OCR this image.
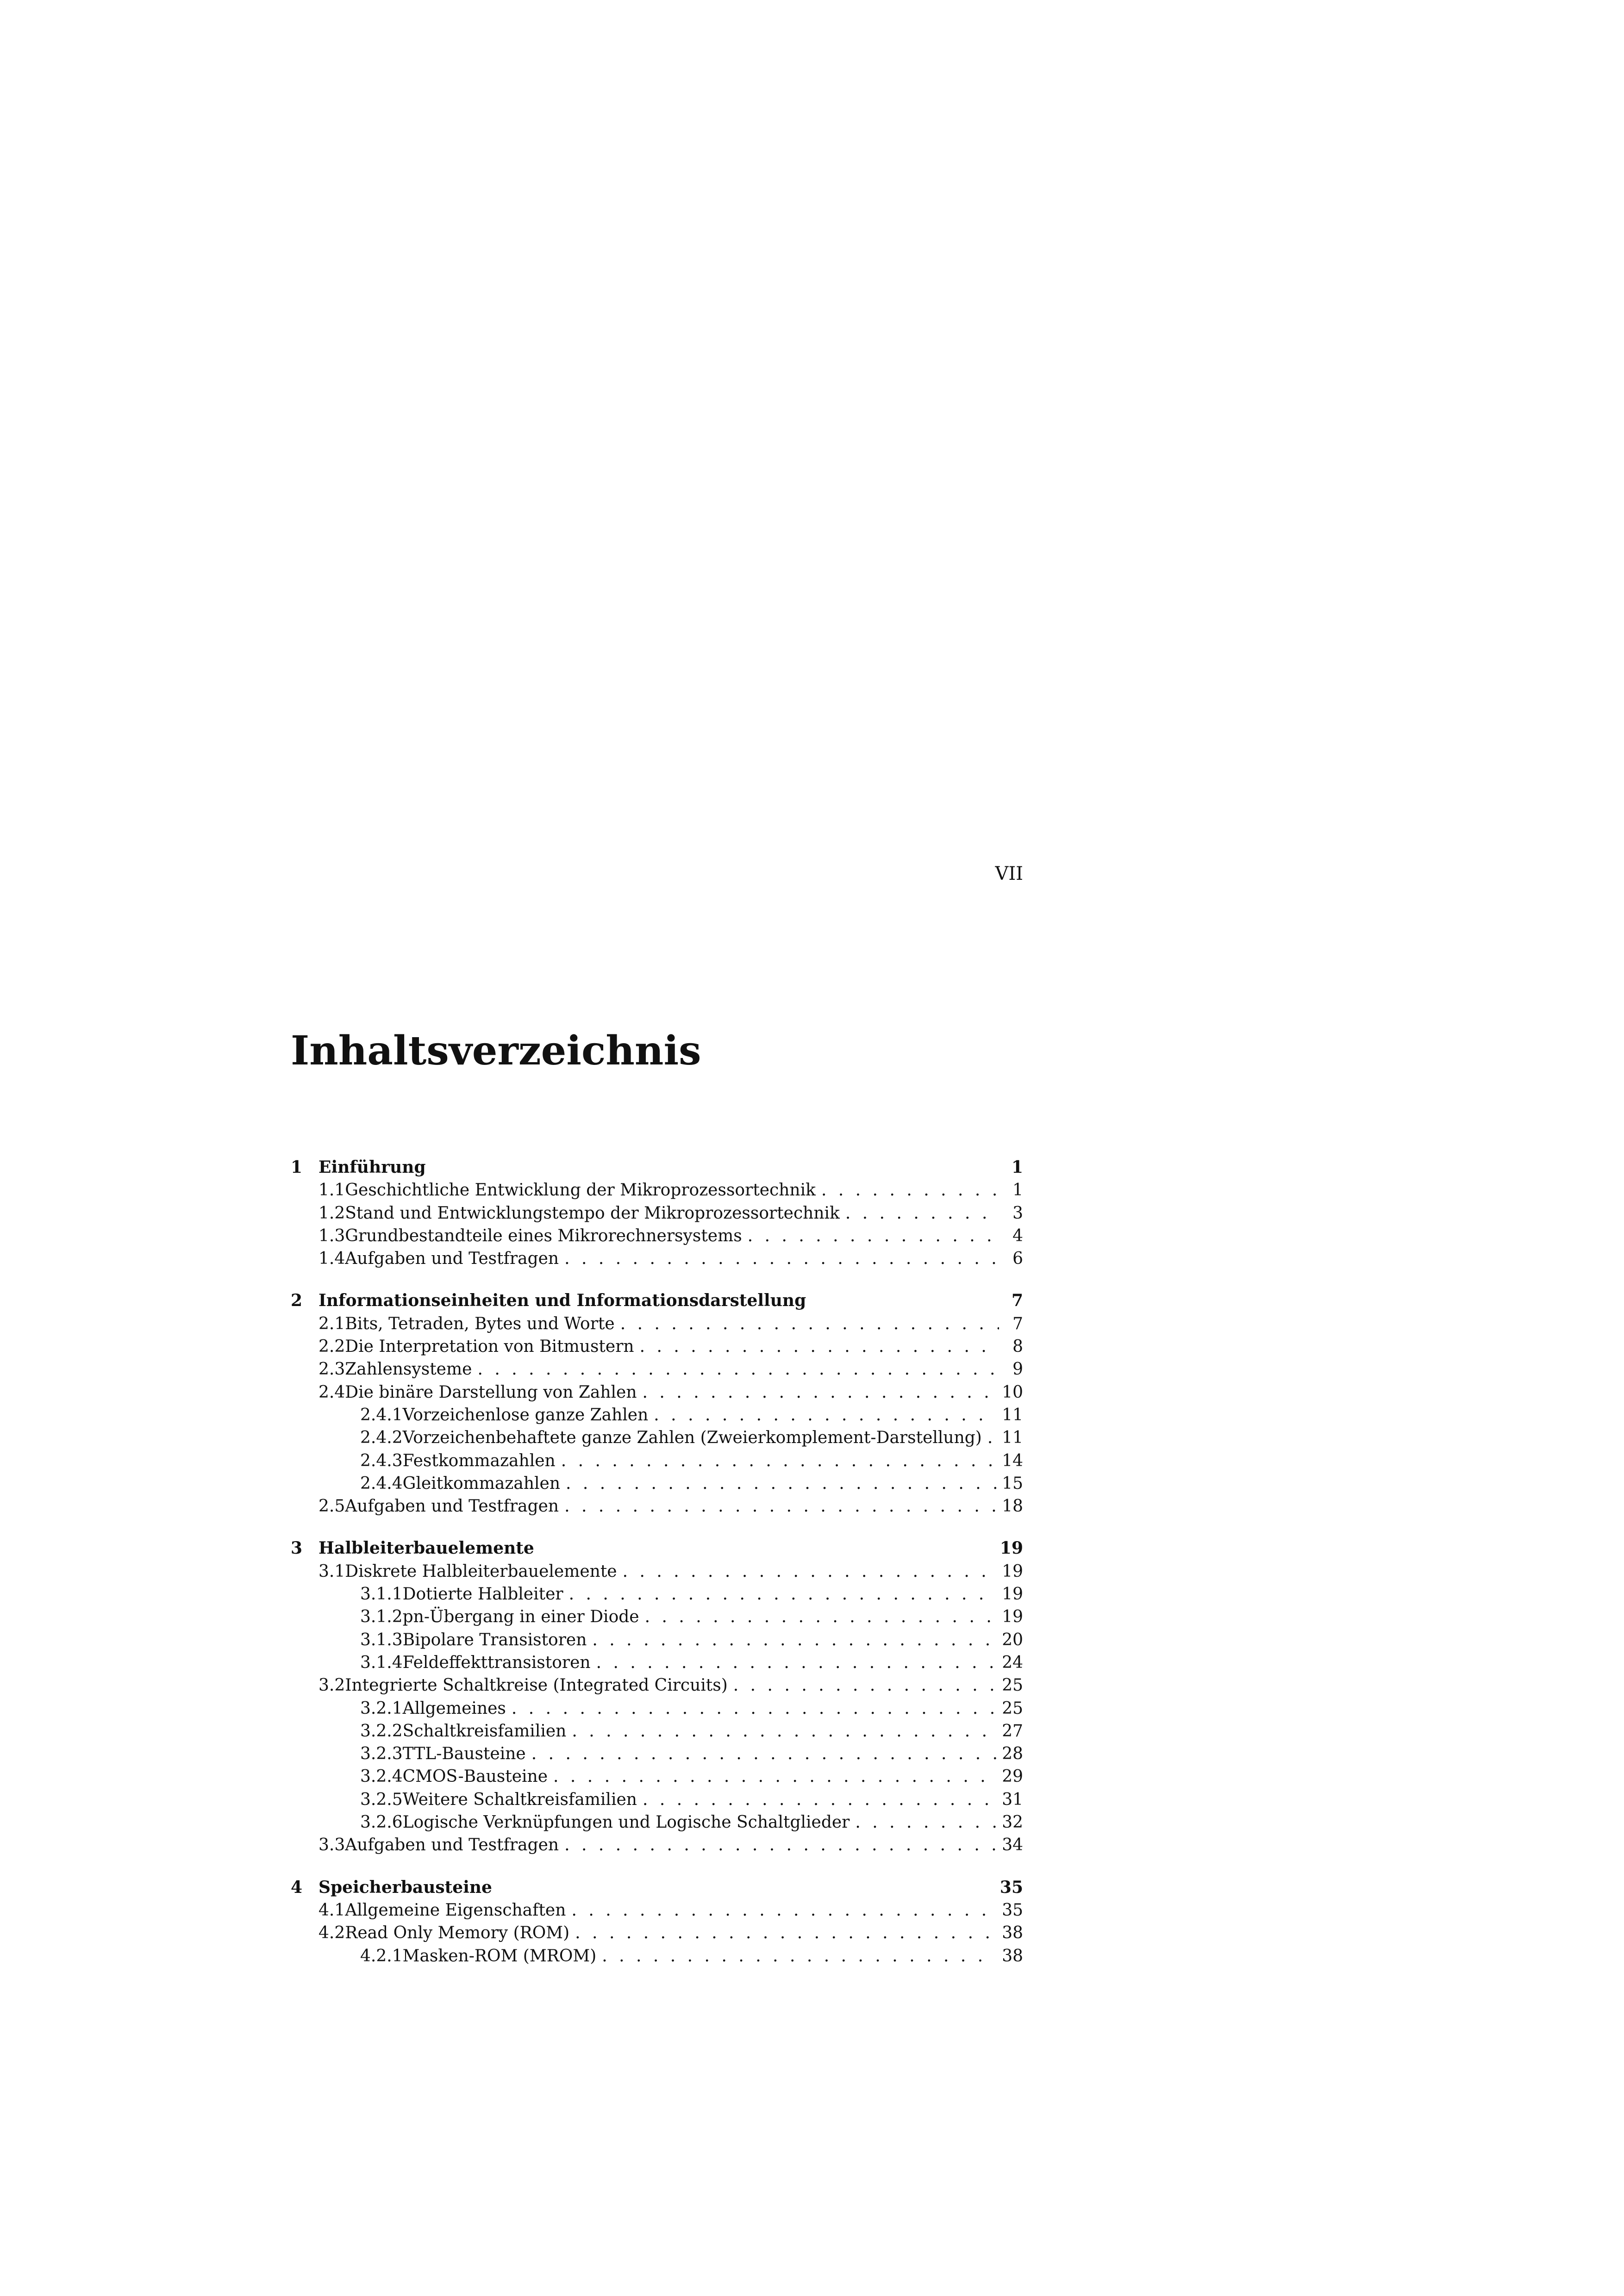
VII
Inhaltsverzeichnis
1 Einführung	1
1.1 Geschichtliche Entwicklung der Mikroprozessortechnik . . .	1
1.2 Stand und Entwicklungstempo der Mikroprozessortechnik . . .	3
1.3 Grundbestandteile eines Mikrorechnersystems . . .	4
1.4 Aufgaben und Testfragen . . .	6
2 Informationseinheiten und Informationsdarstellung	7
2.1 Bits, Tetraden, Bytes und Worte . . .	7
2.2 Die Interpretation von Bitmustern . . .	8
2.3 Zahlensysteme . . .	9
2.4 Die binäre Darstellung von Zahlen . . .	10
2.4.1 Vorzeichenlose ganze Zahlen . . .	11
2.4.2 Vorzeichenbehaftete ganze Zahlen (Zweierkomplement-Darstellung) . . . 11
2.4.3 Festkommazahlen . . .	14
2.4.4 Gleitkommazahlen . . .	15
2.5 Aufgaben und Testfragen . . .	18
3 Halbleiterbauelemente	19
3.1 Diskrete Halbleiterbauelemente . . .	19
3.1.1 Dotierte Halbleiter . . .	19
3.1.2 pn-Übergang in einer Diode . . .	19
3.1.3 Bipolare Transistoren . . .	20
3.1.4 Feldeffekttransistoren . . .	24
3.2 Integrierte Schaltkreise (Integrated Circuits) . . .	25
3.2.1 Allgemeines . . .	25
3.2.2 Schaltkreisfamilien . . .	27
3.2.3 TTL-Bausteine . . .	28
3.2.4 CMOS-Bausteine . . .	29
3.2.5 Weitere Schaltkreisfamilien . . .	31
3.2.6 Logische Verknüpfungen und Logische Schaltglieder . . .	32
3.3 Aufgaben und Testfragen . . .	34
4 Speicherbausteine	35
4.1 Allgemeine Eigenschaften . . .	35
4.2 Read Only Memory (ROM) . . .	38
4.2.1 Masken-ROM (MROM) . . .	38
